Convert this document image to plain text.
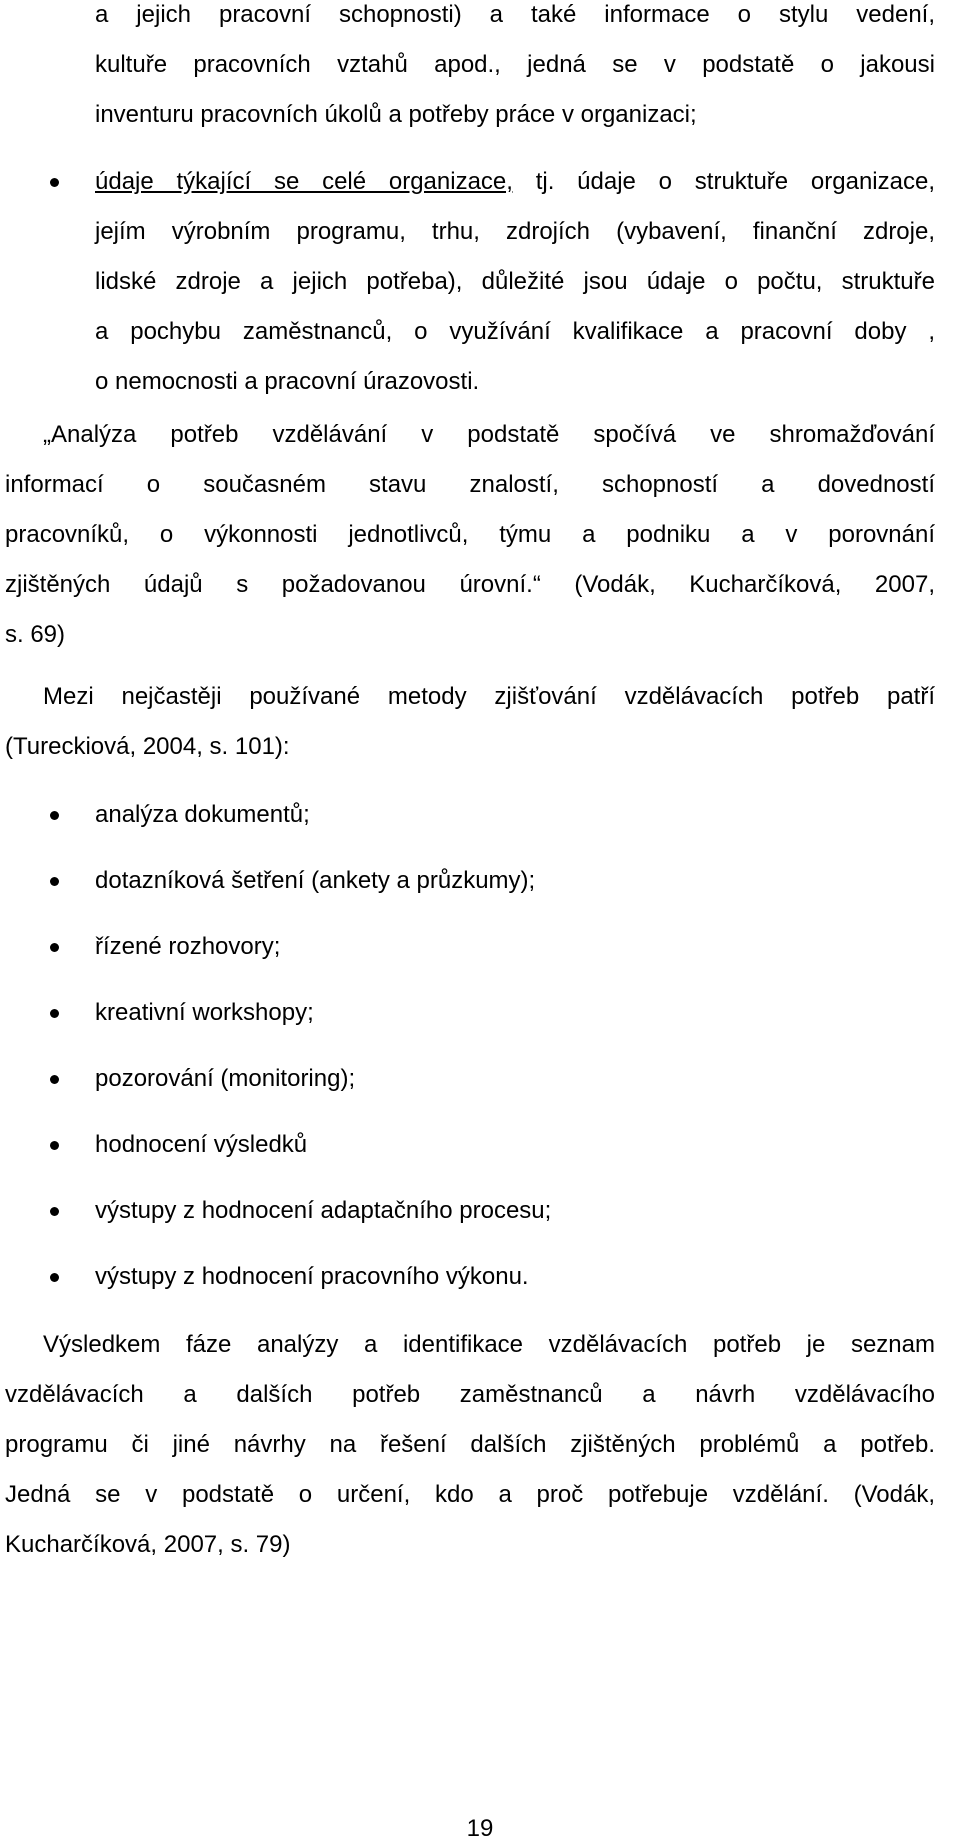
a jejich pracovní schopnosti) a také informace o stylu vedení,
kultuře pracovních vztahů apod., jedná se v podstatě o jakousi
inventuru pracovních úkolů a potřeby práce v organizaci;
údaje týkající se celé organizace, tj. údaje o struktuře organizace,
jejím výrobním programu, trhu, zdrojích (vybavení, finanční zdroje,
lidské zdroje a jejich potřeba), důležité jsou údaje o počtu, struktuře
a pochybu zaměstnanců, o využívání kvalifikace a pracovní doby ,
o nemocnosti a pracovní úrazovosti.
„Analýza potřeb vzdělávání v podstatě spočívá ve shromažďování
informací o současném stavu znalostí, schopností a dovedností
pracovníků, o výkonnosti jednotlivců, týmu a podniku a v porovnání
zjištěných údajů s požadovanou úrovní.“ (Vodák, Kucharčíková, 2007,
s. 69)
Mezi nejčastěji používané metody zjišťování vzdělávacích potřeb patří
(Tureckiová, 2004, s. 101):
analýza dokumentů;
dotazníková šetření (ankety a průzkumy);
řízené rozhovory;
kreativní workshopy;
pozorování (monitoring);
hodnocení výsledků
výstupy z hodnocení adaptačního procesu;
výstupy z hodnocení pracovního výkonu.
Výsledkem fáze analýzy a identifikace vzdělávacích potřeb je seznam
vzdělávacích a dalších potřeb zaměstnanců a návrh vzdělávacího
programu či jiné návrhy na řešení dalších zjištěných problémů a potřeb.
Jedná se v podstatě o určení, kdo a proč potřebuje vzdělání. (Vodák,
Kucharčíková, 2007, s. 79)
19
